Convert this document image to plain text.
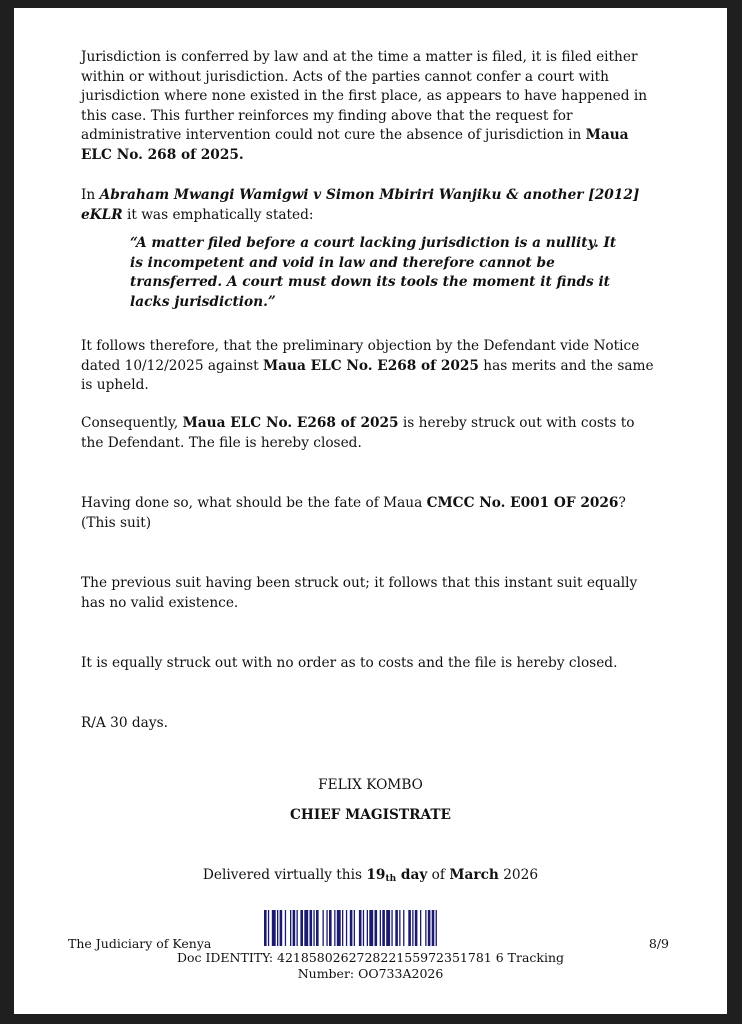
Jurisdiction is conferred by law and at the time a matter is filed, it is filed either within or without jurisdiction. Acts of the parties cannot confer a court with jurisdiction where none existed in the first place, as appears to have happened in this case. This further reinforces my finding above that the request for administrative intervention could not cure the absence of jurisdiction in Maua ELC No. 268 of 2025.

In Abraham Mwangi Wamigwi v Simon Mbiriri Wanjiku & another [2012] eKLR it was emphatically stated:

“A matter filed before a court lacking jurisdiction is a nullity. It is incompetent and void in law and therefore cannot be transferred. A court must down its tools the moment it finds it lacks jurisdiction.”

It follows therefore, that the preliminary objection by the Defendant vide Notice dated 10/12/2025 against Maua ELC No. E268 of 2025 has merits and the same is upheld.

Consequently, Maua ELC No. E268 of 2025 is hereby struck out with costs to the Defendant. The file is hereby closed.

Having done so, what should be the fate of Maua CMCC No. E001 OF 2026? (This suit)

The previous suit having been struck out; it follows that this instant suit equally has no valid existence.

It is equally struck out with no order as to costs and the file is hereby closed.

R/A 30 days.

FELIX KOMBO
CHIEF MAGISTRATE
Delivered virtually this 19th day of March 2026
The Judiciary of Kenya	8/9
Doc IDENTITY: 421858026272822155972351781 6 Tracking
Number: OO733A2026
